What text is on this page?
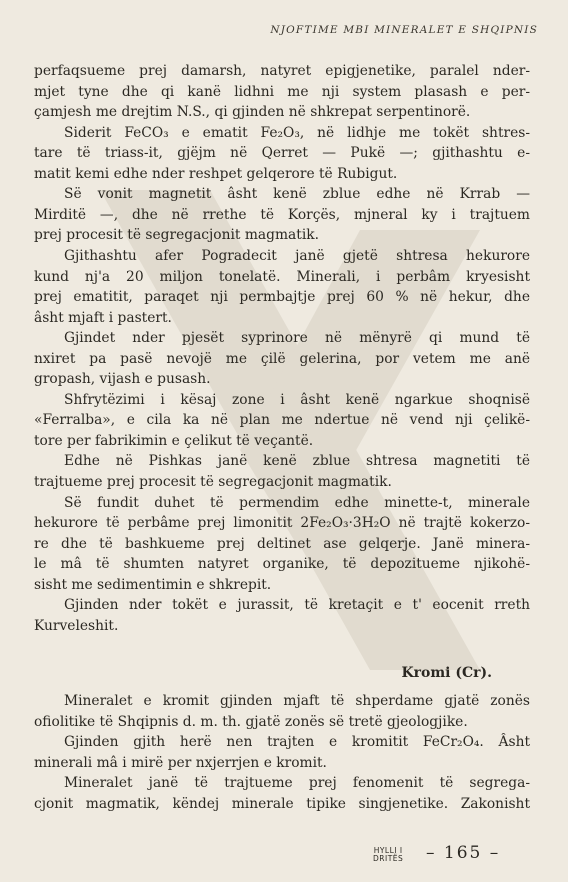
NJOFTIME MBI MINERALET E SHQIPNIS
perfaqsueme prej damarsh, natyret epigjenetike, paralel nder-
mjet tyne dhe qi kanë lidhni me nji system plasash e per-
çamjesh me drejtim N.S., qi gjinden në shkrepat serpentinorë.
Siderit FeCO₃ e ematit Fe₂O₃, në lidhje me tokët shtres-
tare të triass-it, gjëjm në Qerret — Pukë —; gjithashtu e-
matit kemi edhe nder reshpet gelqerore të Rubigut.
Së vonit magnetit âsht kenë zblue edhe në Krrab —
Mirditë —, dhe në rrethe të Korçës, mjneral ky i trajtuem
prej procesit të segregacjonit magmatik.
Gjithashtu afer Pogradecit janë gjetë shtresa hekurore
kund nj'a 20 miljon tonelatë. Minerali, i perbâm kryesisht
prej ematitit, paraqet nji permbajtje prej 60 % në hekur, dhe
âsht mjaft i pastert.
Gjindet nder pjesët syprinore në mënyrë qi mund të
nxiret pa pasë nevojë me çilë gelerina, por vetem me anë
gropash, vijash e pusash.
Shfrytëzimi i kësaj zone i âsht kenë ngarkue shoqnisë
«Ferralba», e cila ka në plan me ndertue në vend nji çelikë-
tore per fabrikimin e çelikut të veçantë.
Edhe në Pishkas janë kenë zblue shtresa magnetiti të
trajtueme prej procesit të segregacjonit magmatik.
Së fundit duhet të permendim edhe minette-t, minerale
hekurore të perbâme prej limonitit 2Fe₂O₃·3H₂O në trajtë kokerzo-
re dhe të bashkueme prej deltinet ase gelqerje. Janë minera-
le mâ të shumten natyret organike, të depozitueme njikohë-
sisht me sedimentimin e shkrepit.
Gjinden nder tokët e jurassit, të kretaçit e t' eocenit rreth
Kurveleshit.
Mineralet e kromit gjinden mjaft të shperdame gjatë zonës
ofiolitike të Shqipnis d. m. th. gjatë zonës së tretë gjeologjike.
Gjinden gjith herë nen trajten e kromitit FeCr₂O₄. Âsht
minerali mâ i mirë per nxjerrjen e kromit.
Mineralet janë të trajtueme prej fenomenit të segrega-
cjonit magmatik, këndej minerale tipike singjenetike. Zakonisht
Kromi (Cr).
HYLLI I
DRITËS – 165 –
